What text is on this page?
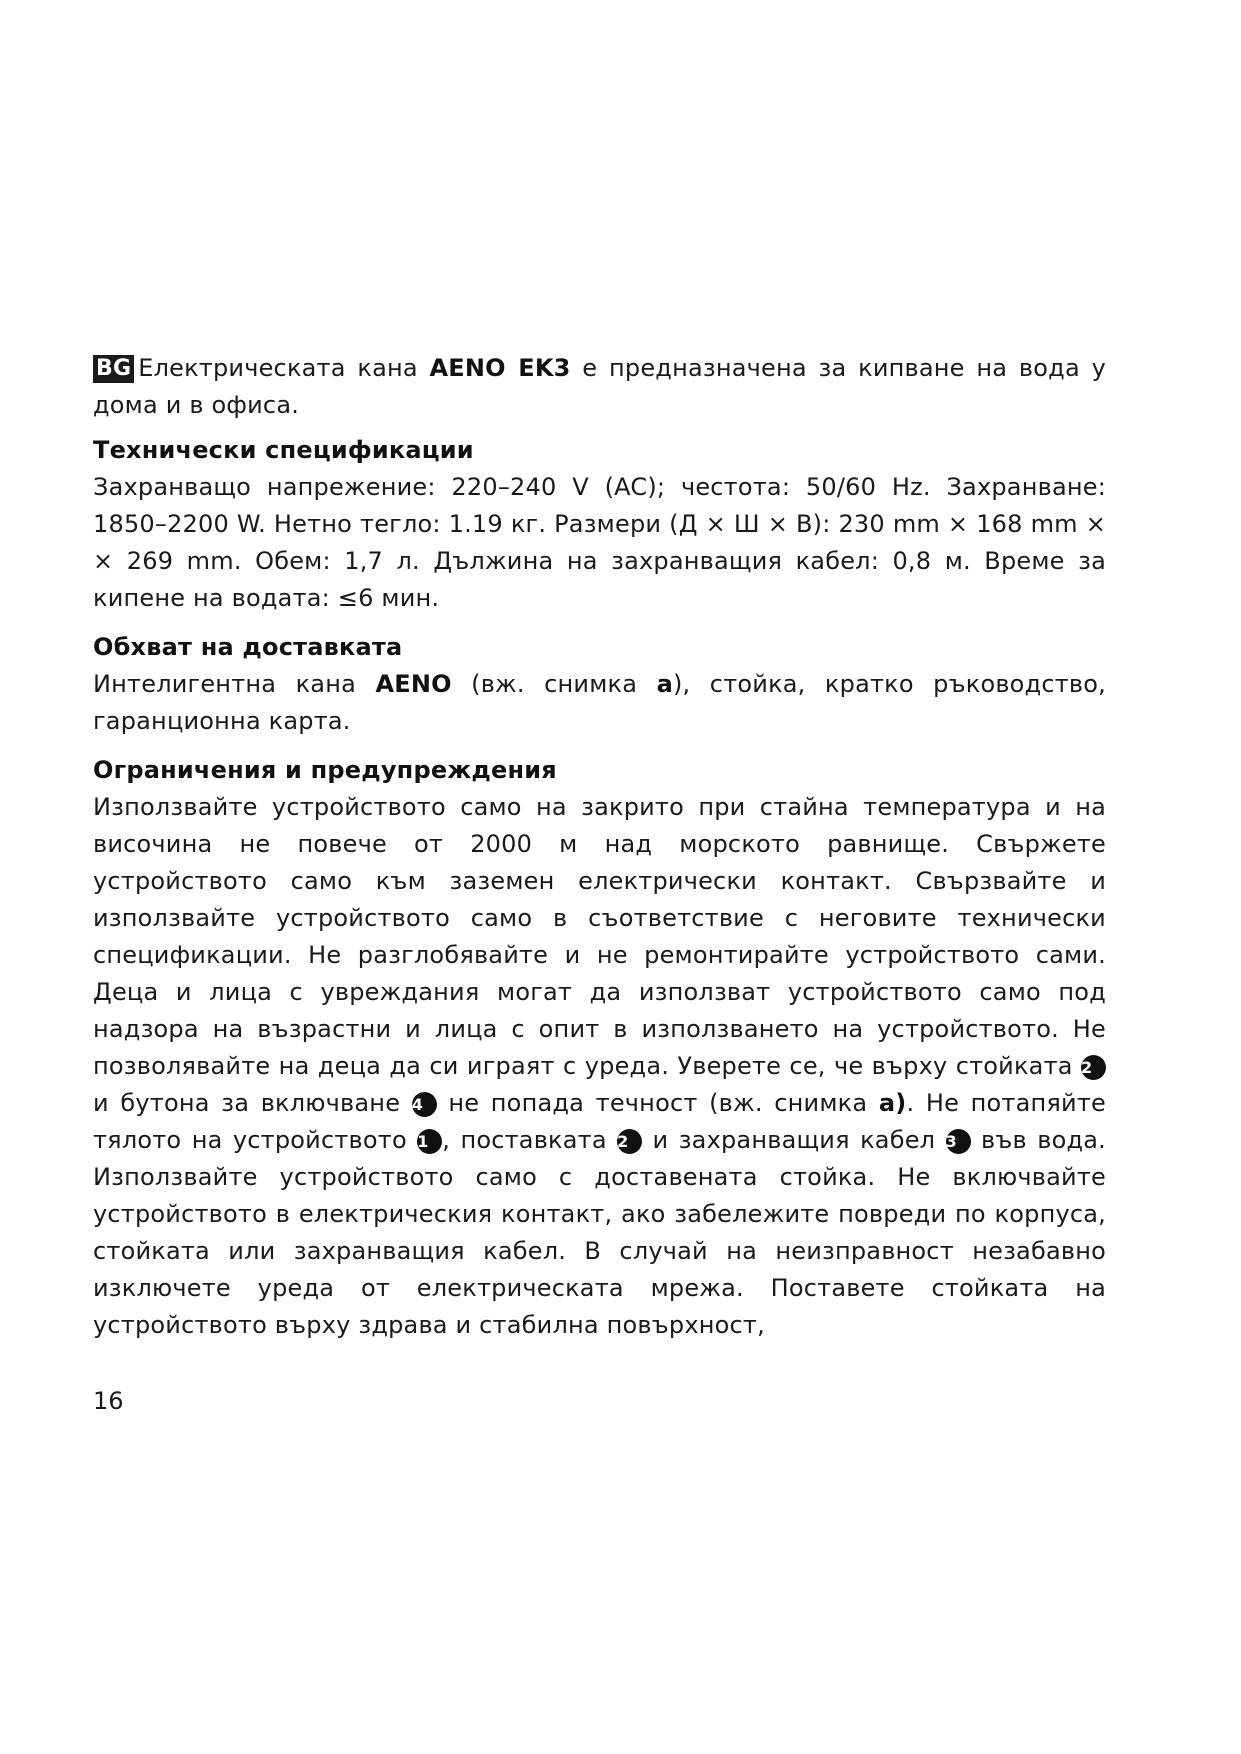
BG Електрическата кана AENO EK3 е предназначена за кипване на вода у дома и в офиса.

Технически спецификации

Захранващо напрежение: 220–240 V (AC); честота: 50/60 Hz. Захранване: 1850–2200 W. Нетно тегло: 1.19 кг. Размери (Д × Ш × В): 230 mm × 168 mm × × 269 mm. Обем: 1,7 л. Дължина на захранващия кабел: 0,8 м. Време за кипене на водата: ≤6 мин.

Обхват на доставката

Интелигентна кана AENO (вж. снимка a), стойка, кратко ръководство, гаранционна карта.

Ограничения и предупреждения

Използвайте устройството само на закрито при стайна температура и на височина не повече от 2000 м над морското равнище. Свържете устройството само към заземен електрически контакт. Свързвайте и използвайте устройството само в съответствие с неговите технически спецификации. Не разглобявайте и не ремонтирайте устройството сами. Деца и лица с увреждания могат да използват устройството само под надзора на възрастни и лица с опит в използването на устройството. Не позволявайте на деца да си играят с уреда. Уверете се, че върху стойката 2 и бутона за включване 4 не попада течност (вж. снимка a). Не потапяйте тялото на устройството 1 , поставката 2 и захранващия кабел 3 във вода. Използвайте устройството само с доставената стойка. Не включвайте устройството в електрическия контакт, ако забележите повреди по корпуса, стойката или захранващия кабел. В случай на неизправност незабавно изключете уреда от електрическата мрежа. Поставете стойката на устройството върху здрава и стабилна повърхност,

16
